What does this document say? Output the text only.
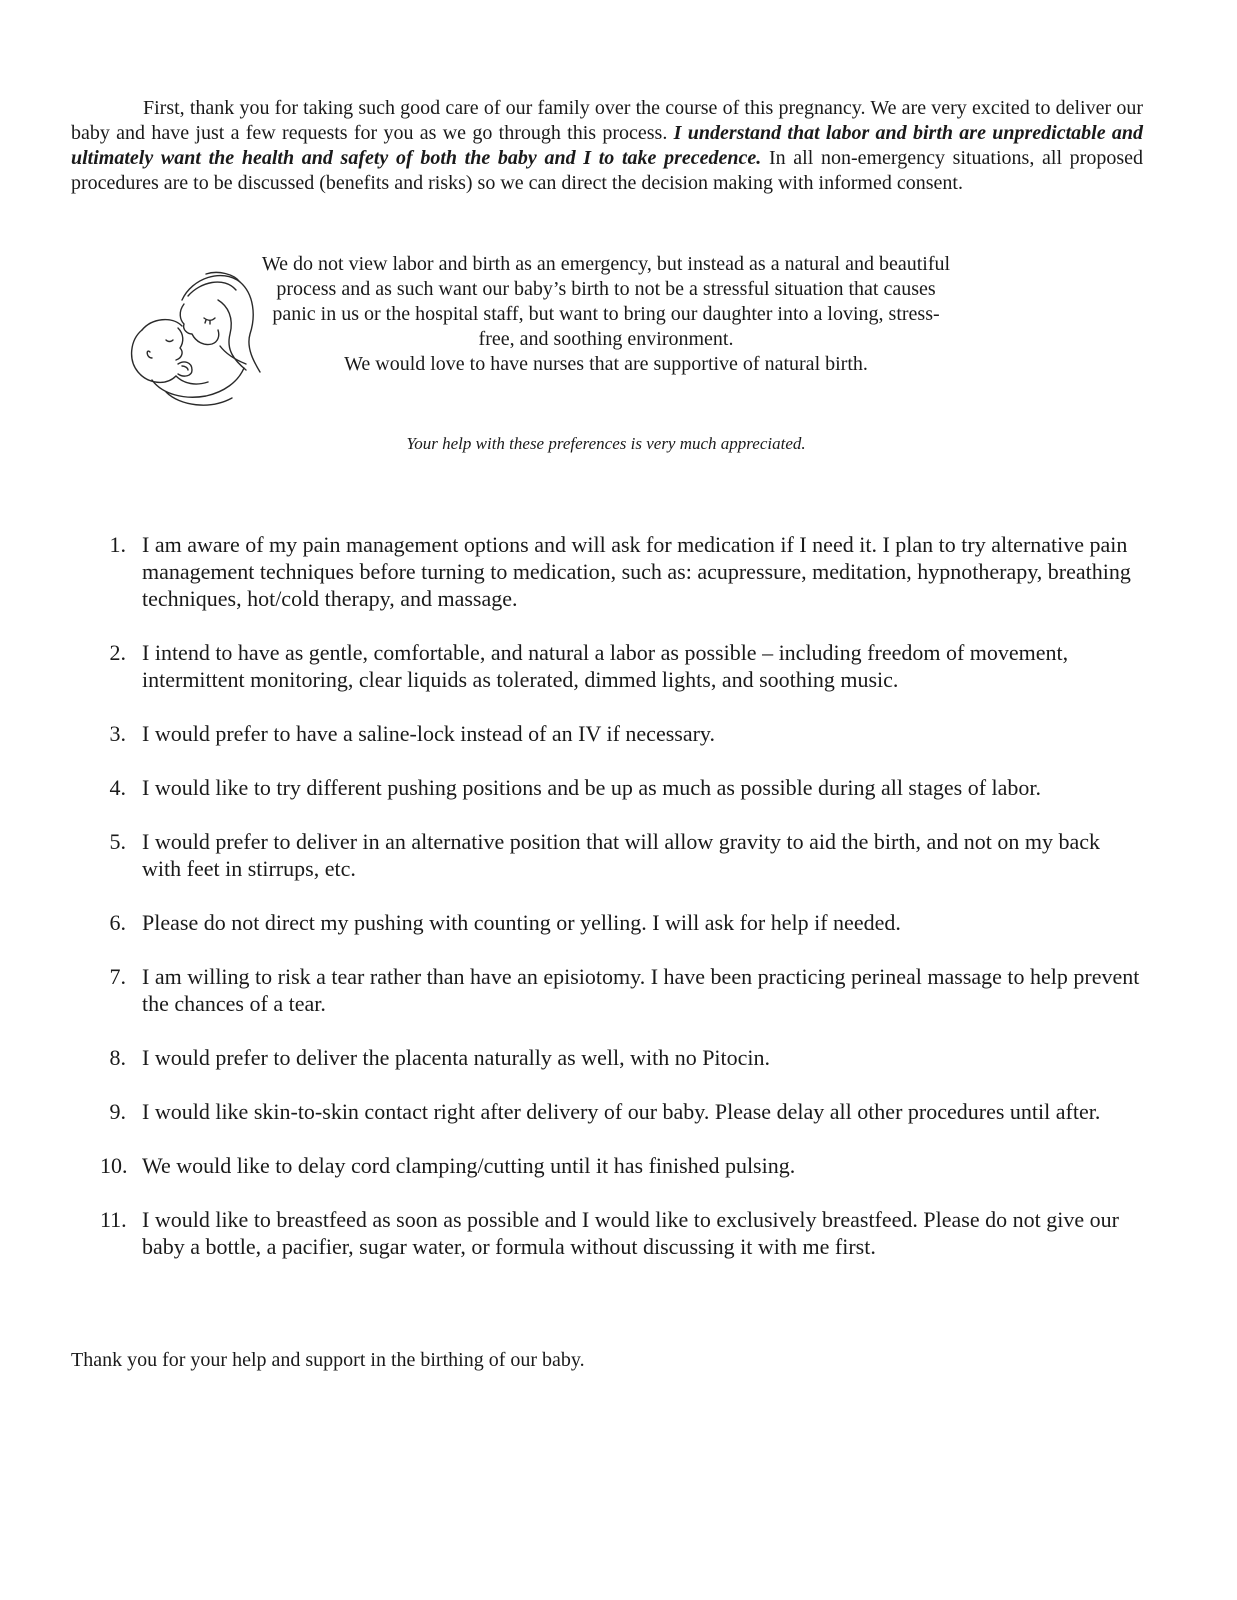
First, thank you for taking such good care of our family over the course of this pregnancy. We are very excited to deliver our baby and have just a few requests for you as we go through this process. I understand that labor and birth are unpredictable and ultimately want the health and safety of both the baby and I to take precedence. In all non-emergency situations, all proposed procedures are to be discussed (benefits and risks) so we can direct the decision making with informed consent.
We do not view labor and birth as an emergency, but instead as a natural and beautiful process and as such want our baby’s birth to not be a stressful situation that causes panic in us or the hospital staff, but want to bring our daughter into a loving, stress-free, and soothing environment.
We would love to have nurses that are supportive of natural birth.
Your help with these preferences is very much appreciated.
1. I am aware of my pain management options and will ask for medication if I need it. I plan to try alternative pain management techniques before turning to medication, such as: acupressure, meditation, hypnotherapy, breathing techniques, hot/cold therapy, and massage.
2. I intend to have as gentle, comfortable, and natural a labor as possible – including freedom of movement, intermittent monitoring, clear liquids as tolerated, dimmed lights, and soothing music.
3. I would prefer to have a saline-lock instead of an IV if necessary.
4. I would like to try different pushing positions and be up as much as possible during all stages of labor.
5. I would prefer to deliver in an alternative position that will allow gravity to aid the birth, and not on my back with feet in stirrups, etc.
6. Please do not direct my pushing with counting or yelling. I will ask for help if needed.
7. I am willing to risk a tear rather than have an episiotomy. I have been practicing perineal massage to help prevent the chances of a tear.
8. I would prefer to deliver the placenta naturally as well, with no Pitocin.
9. I would like skin-to-skin contact right after delivery of our baby. Please delay all other procedures until after.
10. We would like to delay cord clamping/cutting until it has finished pulsing.
11. I would like to breastfeed as soon as possible and I would like to exclusively breastfeed. Please do not give our baby a bottle, a pacifier, sugar water, or formula without discussing it with me first.
Thank you for your help and support in the birthing of our baby.
